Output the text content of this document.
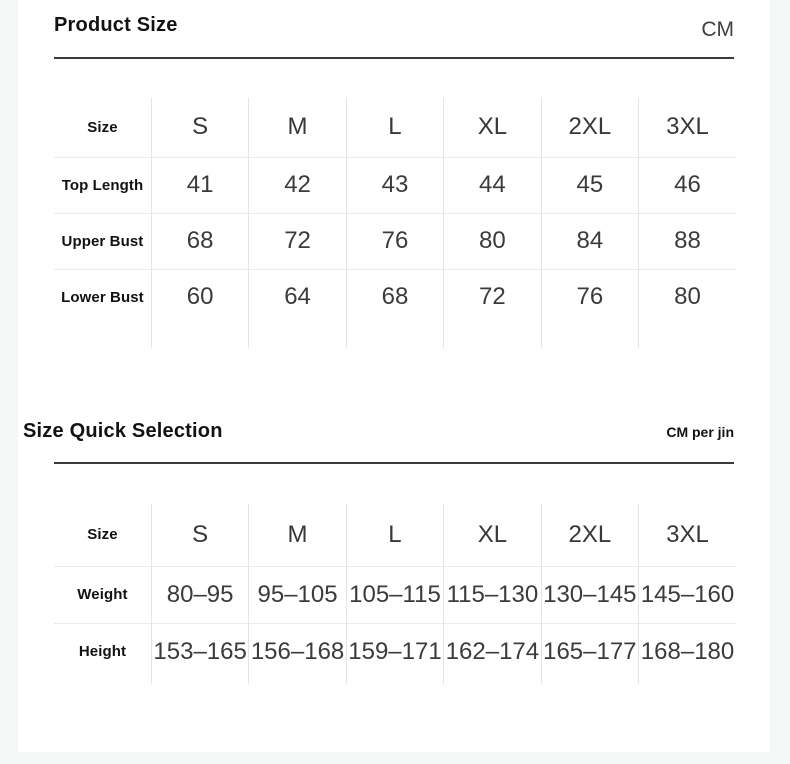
Product Size	CM
Size	S	M	L	XL	2XL	3XL
Top Length	41	42	43	44	45	46
Upper Bust	68	72	76	80	84	88
Lower Bust	60	64	68	72	76	80

Size Quick Selection	CM per jin
Size	S	M	L	XL	2XL	3XL
Weight	80–95	95–105	105–115	115–130	130–145	145–160
Height	153–165	156–168	159–171	162–174	165–177	168–180
